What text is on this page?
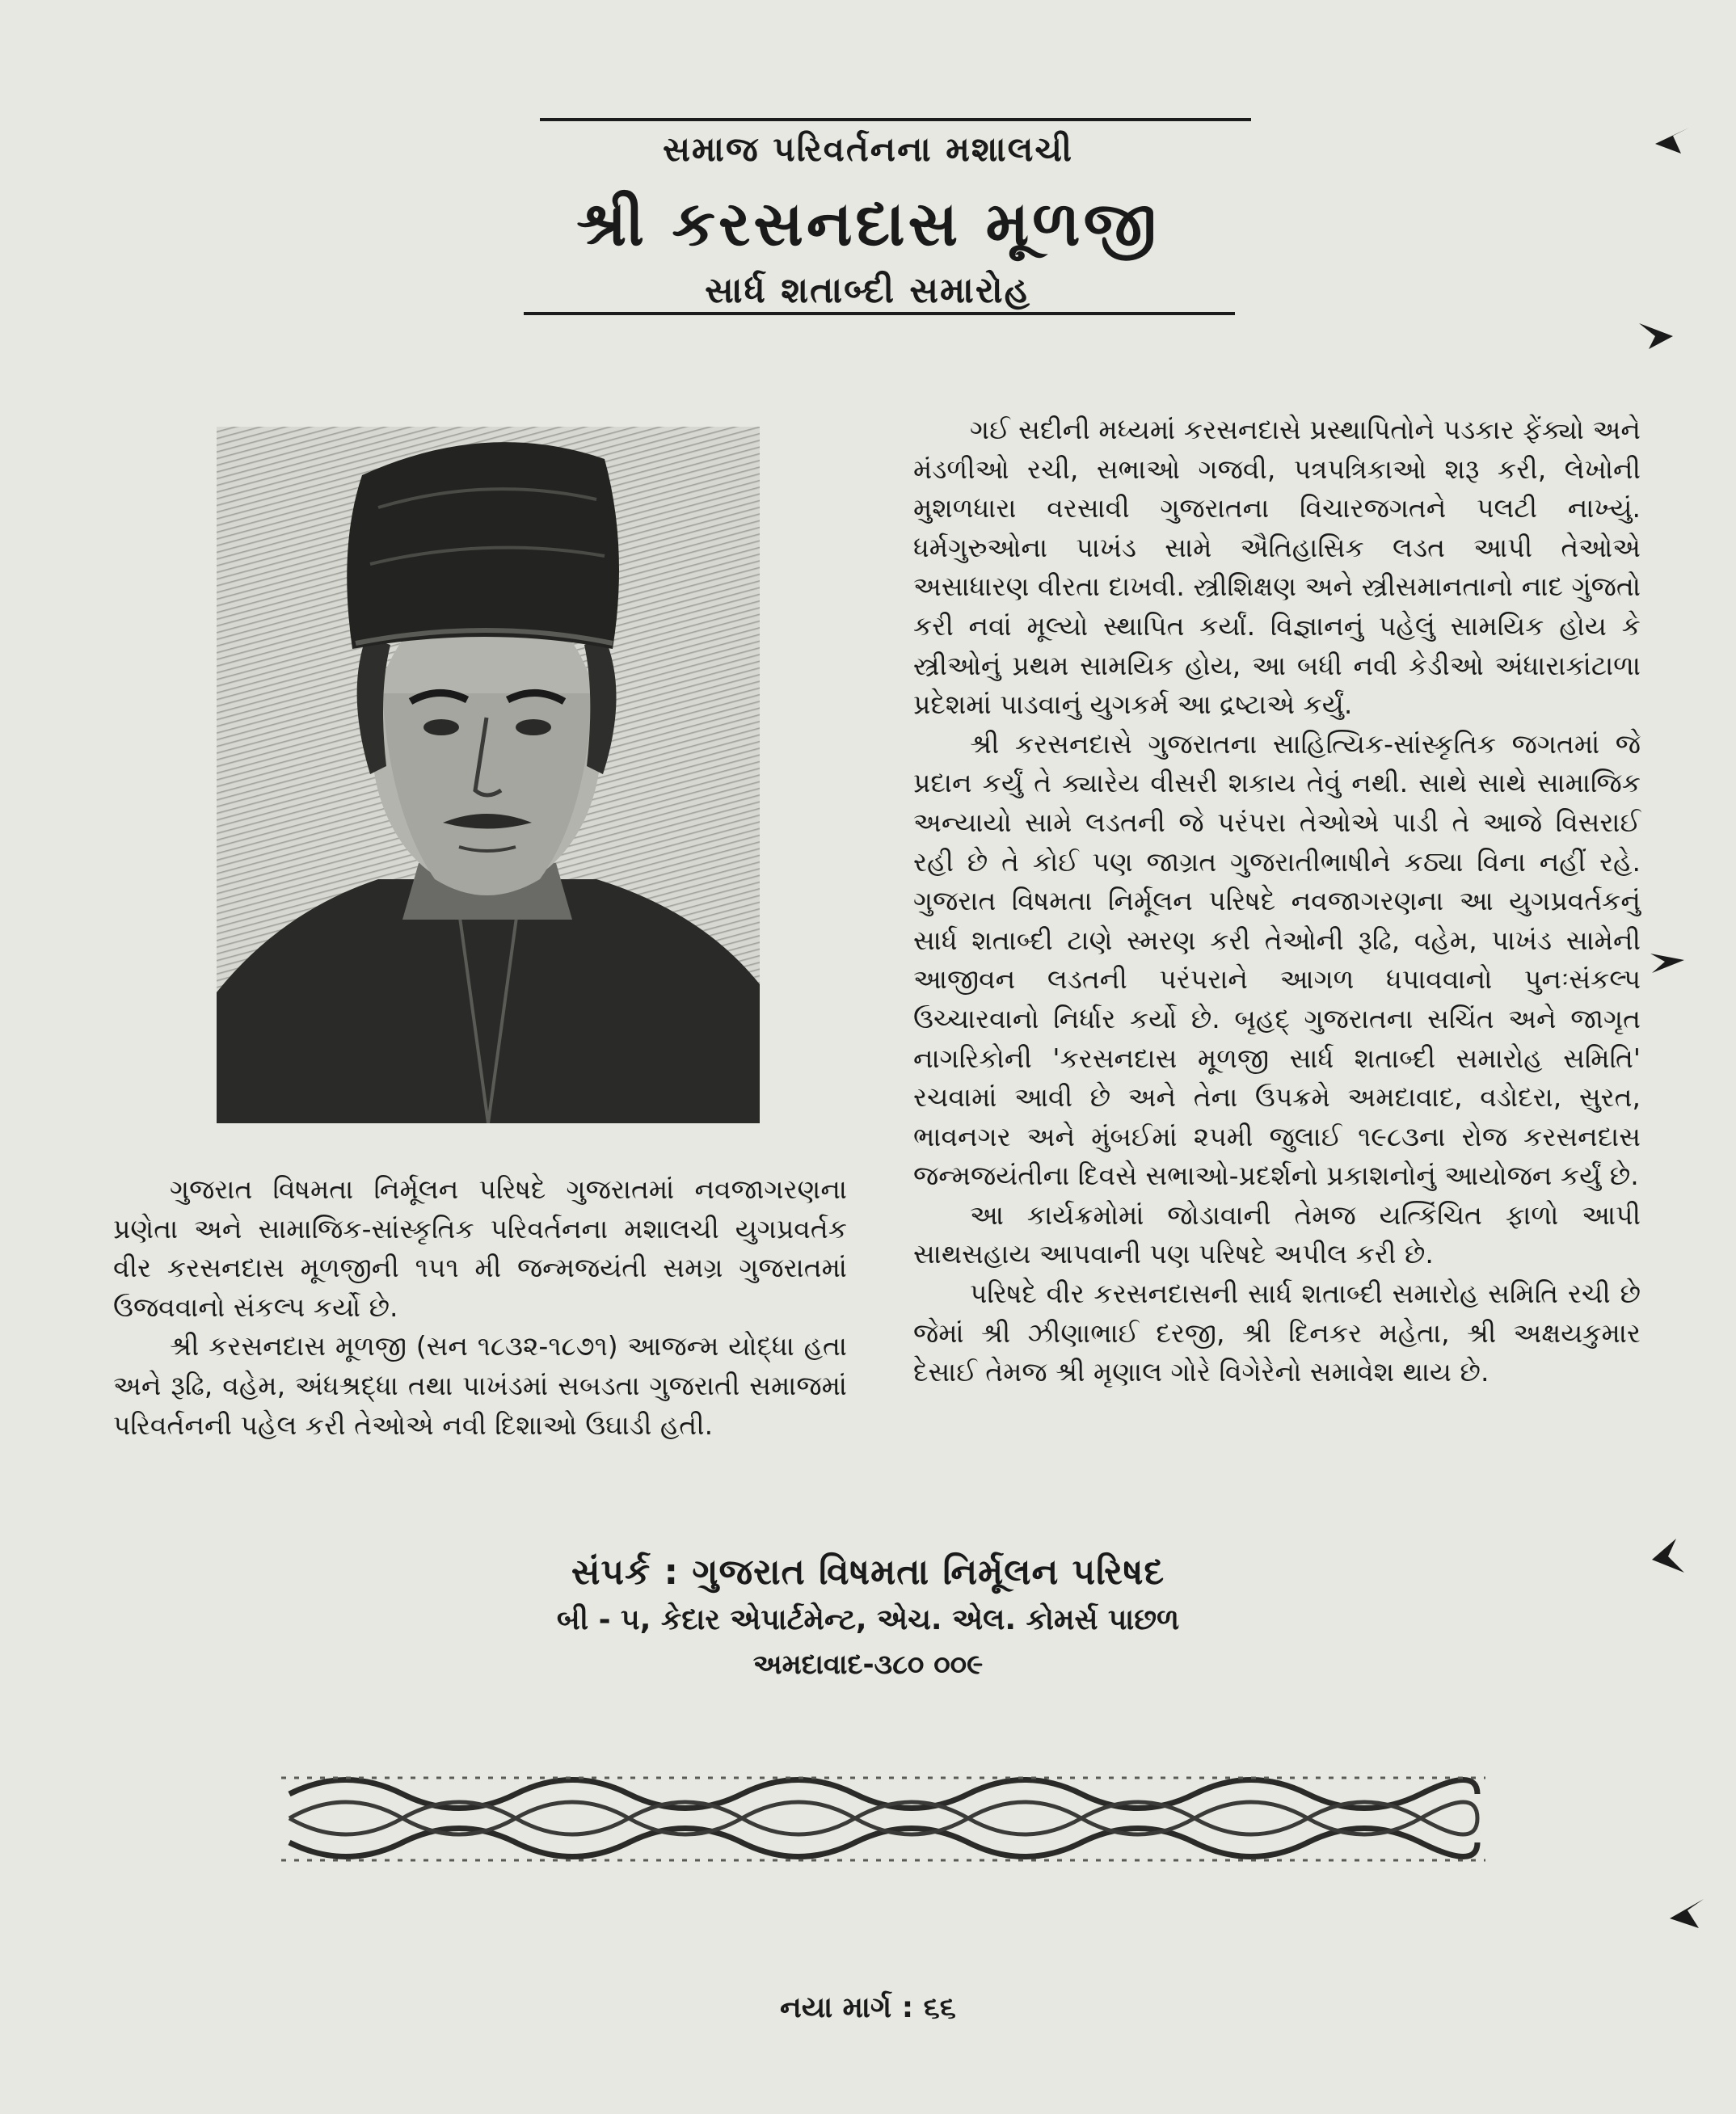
સમાજ પરિવર્તનના મશાલચી
શ્રી કરસનદાસ મૂળજી
સાર્ધ શતાબ્દી સમારોહ

ગુજરાત વિષમતા નિર્મૂલન પરિષદે ગુજરાતમાં નવજાગરણના પ્રણેતા અને સામાજિક-સાંસ્કૃતિક પરિવર્તનના મશાલચી યુગપ્રવર્તક વીર કરસનદાસ મૂળજીની ૧૫૧ મી જન્મજયંતી સમગ્ર ગુજરાતમાં ઉજવવાનો સંકલ્પ કર્યો છે.

શ્રી કરસનદાસ મૂળજી (સન ૧૮૩૨-૧૮૭૧) આજન્મ યોદ્ધા હતા અને રૂઢિ, વહેમ, અંધશ્રદ્ધા તથા પાખંડમાં સબડતા ગુજરાતી સમાજમાં પરિવર્તનની પહેલ કરી તેઓએ નવી દિશાઓ ઉઘાડી હતી.

ગઈ સદીની મધ્યમાં કરસનદાસે પ્રસ્થાપિતોને પડકાર ફેંક્યો અને મંડળીઓ રચી, સભાઓ ગજવી, પત્રપત્રિકાઓ શરૂ કરી, લેખોની મુશળધારા વરસાવી ગુજરાતના વિચારજગતને પલટી નાખ્યું. ધર્મગુરુઓના પાખંડ સામે ઐતિહાસિક લડત આપી તેઓએ અસાધારણ વીરતા દાખવી. સ્ત્રીશિક્ષણ અને સ્ત્રીસમાનતાનો નાદ ગુંજતો કરી નવાં મૂલ્યો સ્થાપિત કર્યાં. વિજ્ઞાનનું પહેલું સામયિક હોય કે સ્ત્રીઓનું પ્રથમ સામયિક હોય, આ બધી નવી કેડીઓ અંધારાકાંટાળા પ્રદેશમાં પાડવાનું યુગકર્મ આ દ્રષ્ટાએ કર્યું.

શ્રી કરસનદાસે ગુજરાતના સાહિત્યિક-સાંસ્કૃતિક જગતમાં જે પ્રદાન કર્યું તે ક્યારેય વીસરી શકાય તેવું નથી. સાથે સાથે સામાજિક અન્યાયો સામે લડતની જે પરંપરા તેઓએ પાડી તે આજે વિસરાઈ રહી છે તે કોઈ પણ જાગ્રત ગુજરાતીભાષીને કઠ્યા વિના નહીં રહે. ગુજરાત વિષમતા નિર્મૂલન પરિષદે નવજાગરણના આ યુગપ્રવર્તકનું સાર્ધ શતાબ્દી ટાણે સ્મરણ કરી તેઓની રૂઢિ, વહેમ, પાખંડ સામેની આજીવન લડતની પરંપરાને આગળ ધપાવવાનો પુનઃસંકલ્પ ઉચ્ચારવાનો નિર્ધાર કર્યો છે. બૃહદ્ ગુજરાતના સચિંત અને જાગૃત નાગરિકોની 'કરસનદાસ મૂળજી સાર્ધ શતાબ્દી સમારોહ સમિતિ' રચવામાં આવી છે અને તેના ઉપક્રમે અમદાવાદ, વડોદરા, સુરત, ભાવનગર અને મુંબઈમાં ૨૫મી જુલાઈ ૧૯૮૩ના રોજ કરસનદાસ જન્મજયંતીના દિવસે સભાઓ-પ્રદર્શનો પ્રકાશનોનું આયોજન કર્યું છે.

આ કાર્યક્રમોમાં જોડાવાની તેમજ યત્કિંચિત ફાળો આપી સાથસહાય આપવાની પણ પરિષદે અપીલ કરી છે.

પરિષદે વીર કરસનદાસની સાર્ધ શતાબ્દી સમારોહ સમિતિ રચી છે જેમાં શ્રી ઝીણાભાઈ દરજી, શ્રી દિનકર મહેતા, શ્રી અક્ષયકુમાર દેસાઈ તેમજ શ્રી મૃણાલ ગોરે વિગેરેનો સમાવેશ થાય છે.

સંપર્ક : ગુજરાત વિષમતા નિર્મૂલન પરિષદ
બી - ૫, કેદાર એપાર્ટમેન્ટ, એચ. એલ. કોમર્સ પાછળ
અમદાવાદ-૩૮૦ ૦૦૯
નયા માર્ગ : ૬૬
